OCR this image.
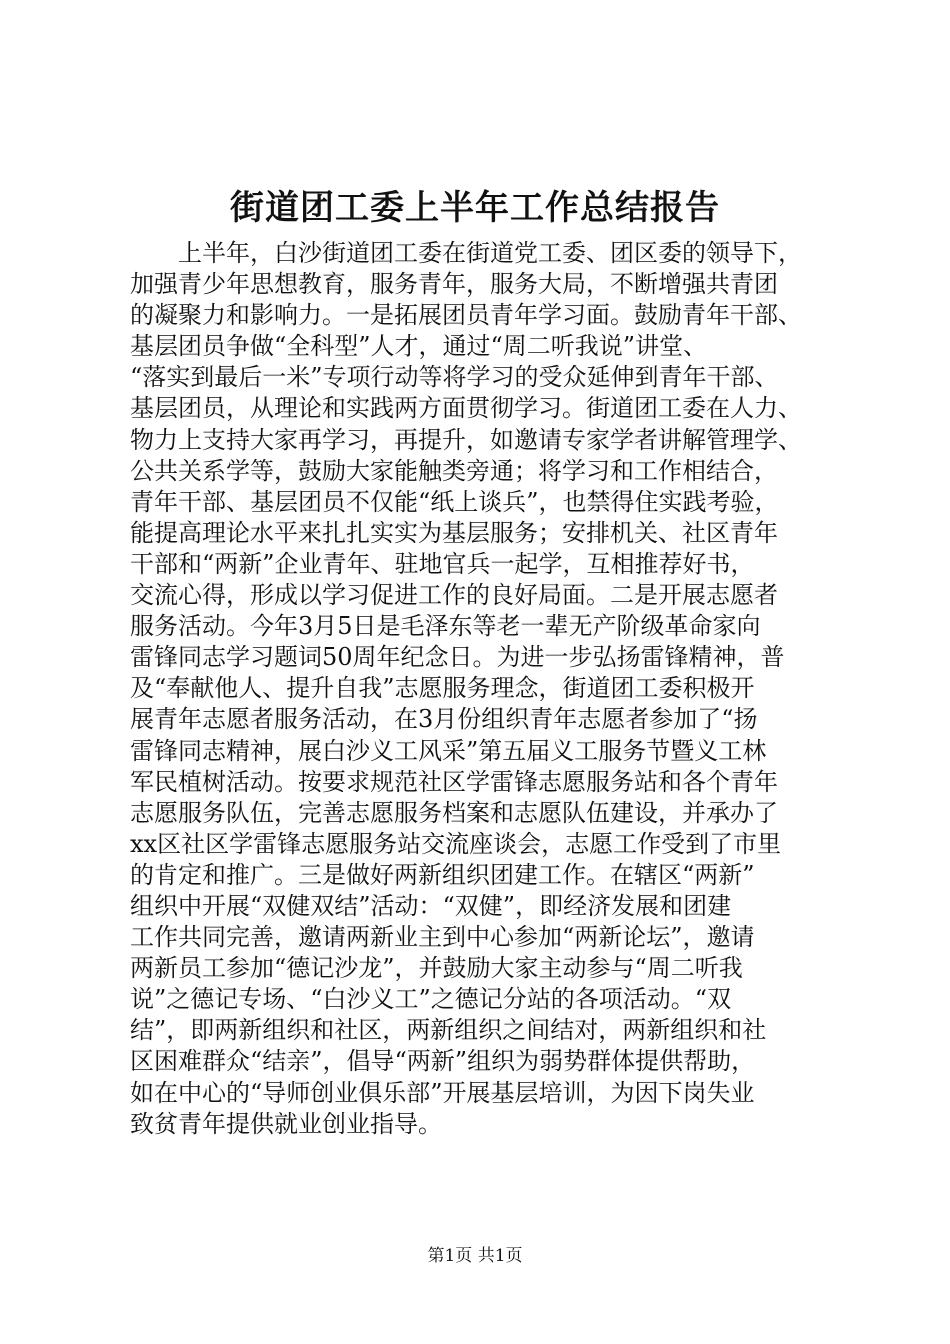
街道团工委上半年工作总结报告
上半年，白沙街道团工委在街道党工委、团区委的领导下，
加强青少年思想教育，服务青年，服务大局，不断增强共青团
的凝聚力和影响力。一是拓展团员青年学习面。鼓励青年干部、
基层团员争做“全科型”人才，通过“周二听我说”讲堂、
“落实到最后一米”专项行动等将学习的受众延伸到青年干部、
基层团员，从理论和实践两方面贯彻学习。街道团工委在人力、
物力上支持大家再学习，再提升，如邀请专家学者讲解管理学、
公共关系学等，鼓励大家能触类旁通；将学习和工作相结合，
青年干部、基层团员不仅能“纸上谈兵”，也禁得住实践考验，
能提高理论水平来扎扎实实为基层服务；安排机关、社区青年
干部和“两新”企业青年、驻地官兵一起学，互相推荐好书，
交流心得，形成以学习促进工作的良好局面。二是开展志愿者
服务活动。今年3月5日是毛泽东等老一辈无产阶级革命家向
雷锋同志学习题词50周年纪念日。为进一步弘扬雷锋精神，普
及“奉献他人、提升自我”志愿服务理念，街道团工委积极开
展青年志愿者服务活动，在3月份组织青年志愿者参加了“扬
雷锋同志精神，展白沙义工风采”第五届义工服务节暨义工林
军民植树活动。按要求规范社区学雷锋志愿服务站和各个青年
志愿服务队伍，完善志愿服务档案和志愿队伍建设，并承办了
xx区社区学雷锋志愿服务站交流座谈会，志愿工作受到了市里
的肯定和推广。三是做好两新组织团建工作。在辖区“两新”
组织中开展“双健双结”活动：“双健”，即经济发展和团建
工作共同完善，邀请两新业主到中心参加“两新论坛”，邀请
两新员工参加“德记沙龙”，并鼓励大家主动参与“周二听我
说”之德记专场、“白沙义工”之德记分站的各项活动。“双
结”，即两新组织和社区，两新组织之间结对，两新组织和社
区困难群众“结亲”，倡导“两新”组织为弱势群体提供帮助，
如在中心的“导师创业俱乐部”开展基层培训，为因下岗失业
致贫青年提供就业创业指导。
第1页 共1页
